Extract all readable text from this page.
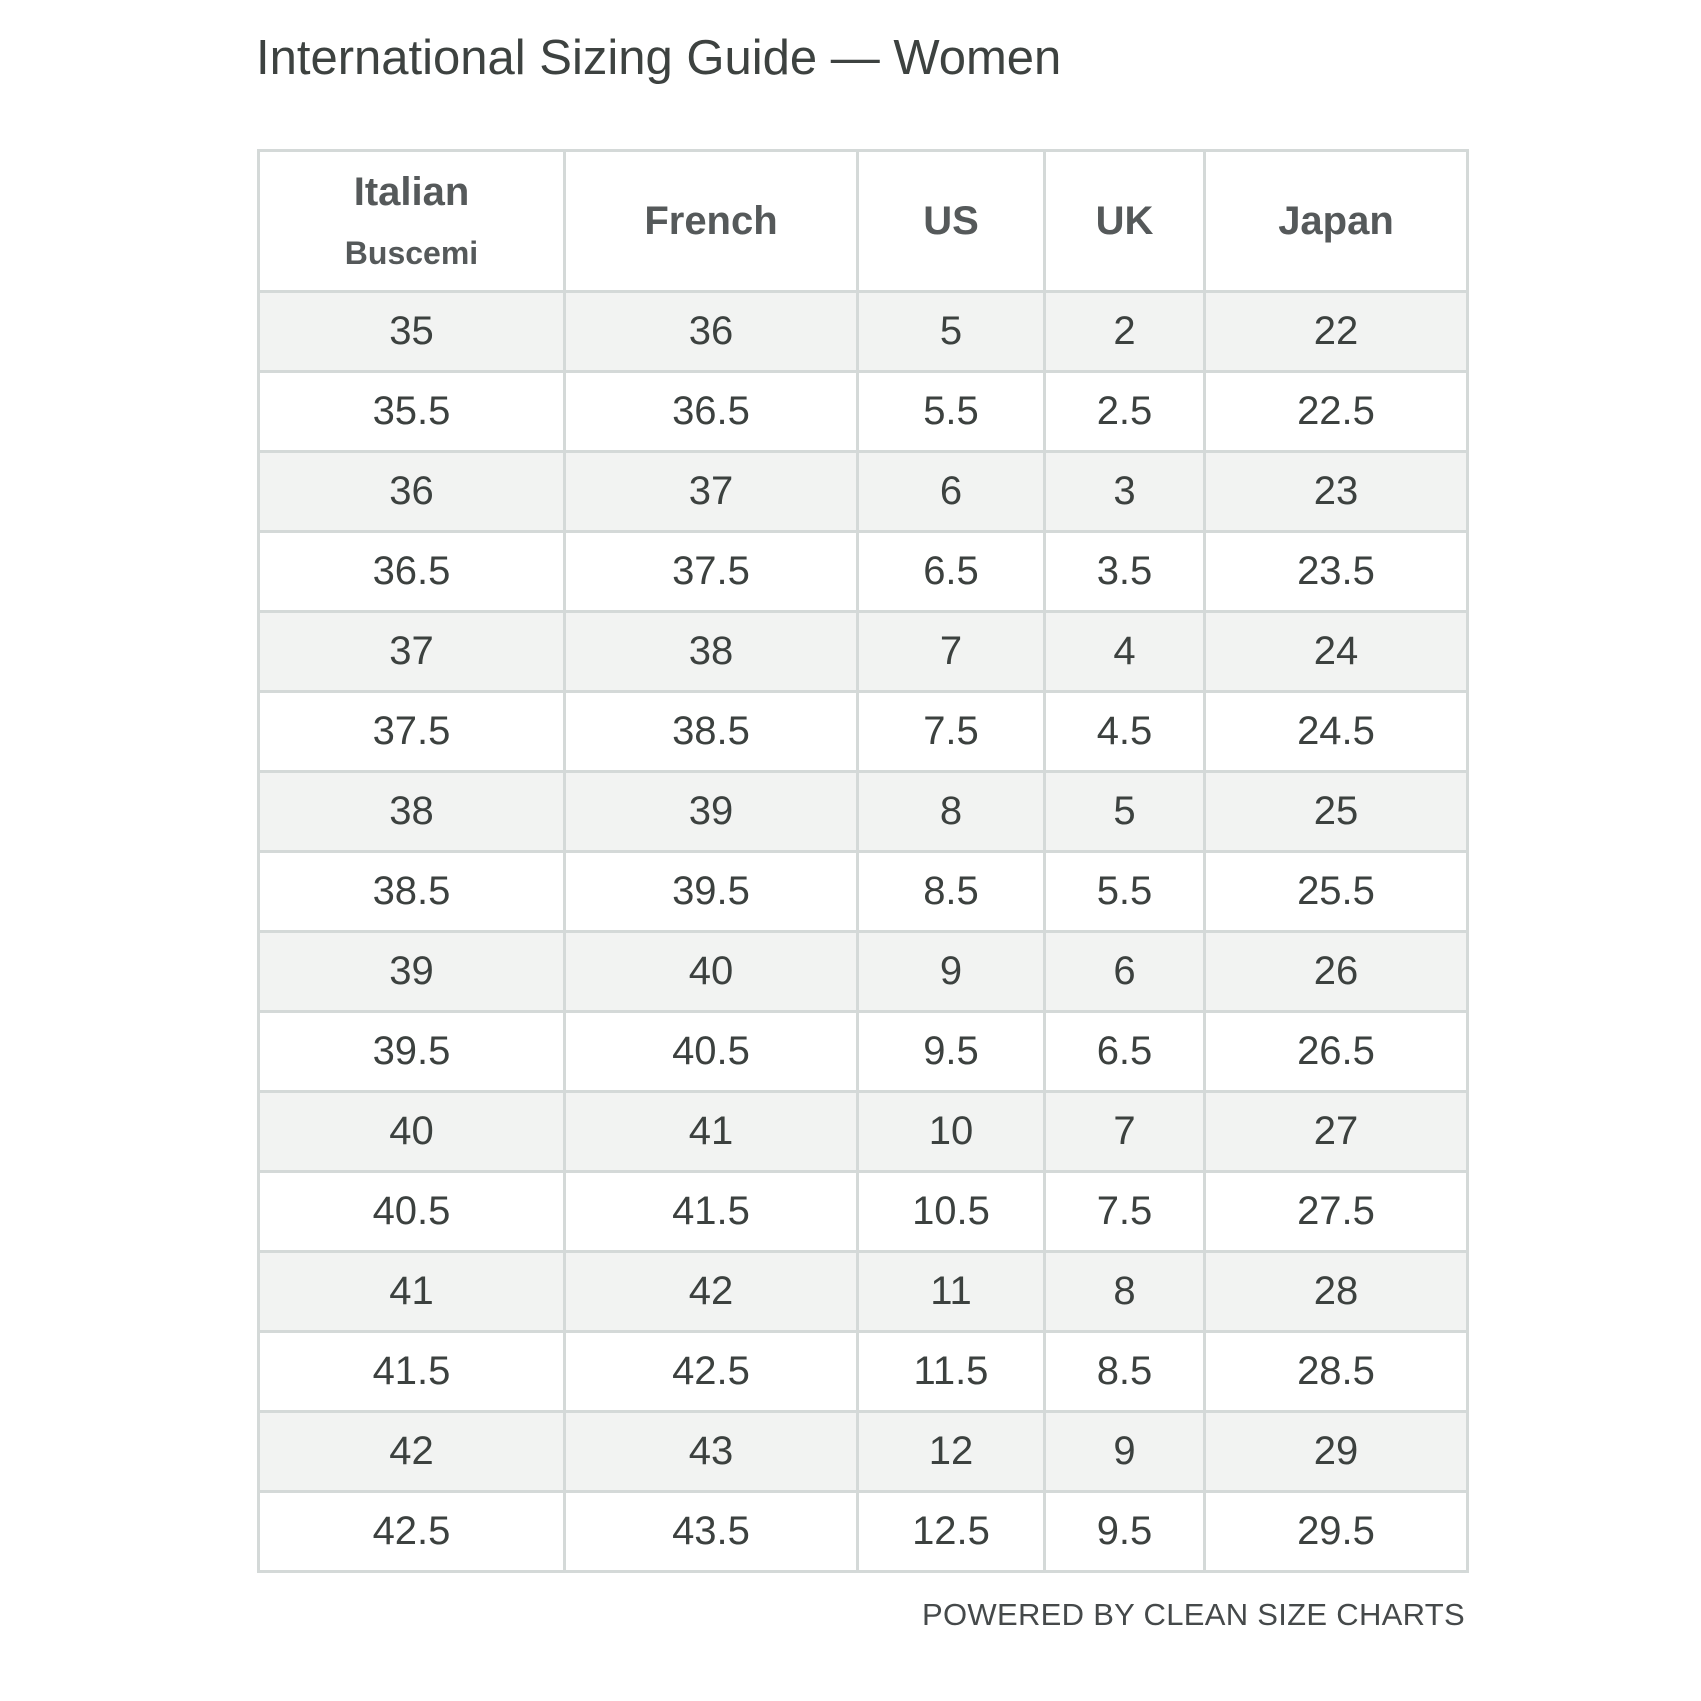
International Sizing Guide — Women
Italian
Buscemi	French	US	UK	Japan

35	36	5	2	22
35.5	36.5	5.5	2.5	22.5
36	37	6	3	23
36.5	37.5	6.5	3.5	23.5
37	38	7	4	24
37.5	38.5	7.5	4.5	24.5
38	39	8	5	25
38.5	39.5	8.5	5.5	25.5
39	40	9	6	26
39.5	40.5	9.5	6.5	26.5
40	41	10	7	27
40.5	41.5	10.5	7.5	27.5
41	42	11	8	28
41.5	42.5	11.5	8.5	28.5
42	43	12	9	29
42.5	43.5	12.5	9.5	29.5
POWERED BY CLEAN SIZE CHARTS
